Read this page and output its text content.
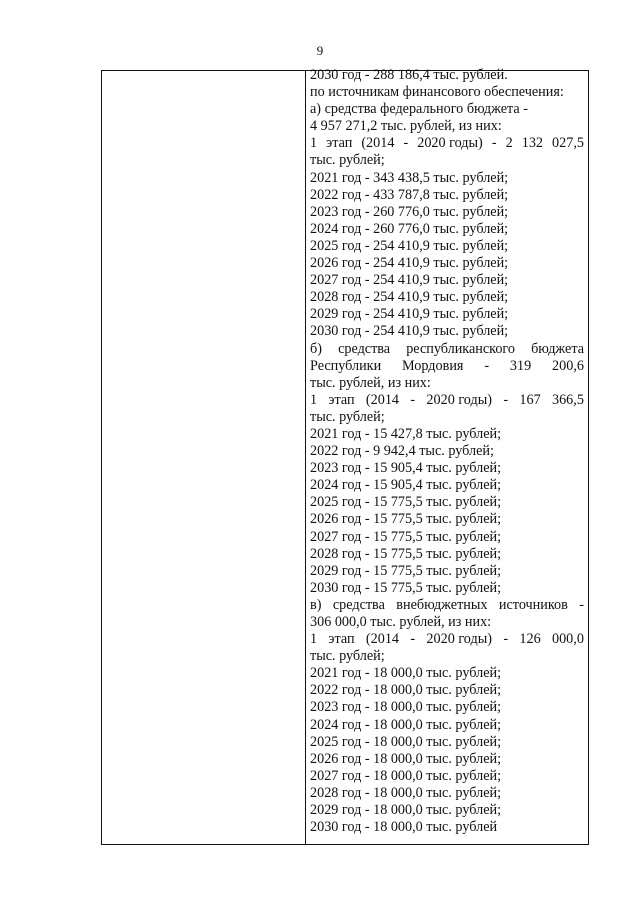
9
2030 год - 288 186,4 тыс. рублей.
по источникам финансового обеспечения:
а) средства федерального бюджета -
4 957 271,2 тыс. рублей, из них:
1 этап (2014 - 2020 годы) - 2 132 027,5
тыс. рублей;
2021 год - 343 438,5 тыс. рублей;
2022 год - 433 787,8 тыс. рублей;
2023 год - 260 776,0 тыс. рублей;
2024 год - 260 776,0 тыс. рублей;
2025 год - 254 410,9 тыс. рублей;
2026 год - 254 410,9 тыс. рублей;
2027 год - 254 410,9 тыс. рублей;
2028 год - 254 410,9 тыс. рублей;
2029 год - 254 410,9 тыс. рублей;
2030 год - 254 410,9 тыс. рублей;
б) средства республиканского бюджета
Республики Мордовия - 319 200,6
тыс. рублей, из них:
1 этап (2014 - 2020 годы) - 167 366,5
тыс. рублей;
2021 год - 15 427,8 тыс. рублей;
2022 год - 9 942,4 тыс. рублей;
2023 год - 15 905,4 тыс. рублей;
2024 год - 15 905,4 тыс. рублей;
2025 год - 15 775,5 тыс. рублей;
2026 год - 15 775,5 тыс. рублей;
2027 год - 15 775,5 тыс. рублей;
2028 год - 15 775,5 тыс. рублей;
2029 год - 15 775,5 тыс. рублей;
2030 год - 15 775,5 тыс. рублей;
в) средства внебюджетных источников -
306 000,0 тыс. рублей, из них:
1 этап (2014 - 2020 годы) - 126 000,0
тыс. рублей;
2021 год - 18 000,0 тыс. рублей;
2022 год - 18 000,0 тыс. рублей;
2023 год - 18 000,0 тыс. рублей;
2024 год - 18 000,0 тыс. рублей;
2025 год - 18 000,0 тыс. рублей;
2026 год - 18 000,0 тыс. рублей;
2027 год - 18 000,0 тыс. рублей;
2028 год - 18 000,0 тыс. рублей;
2029 год - 18 000,0 тыс. рублей;
2030 год - 18 000,0 тыс. рублей
